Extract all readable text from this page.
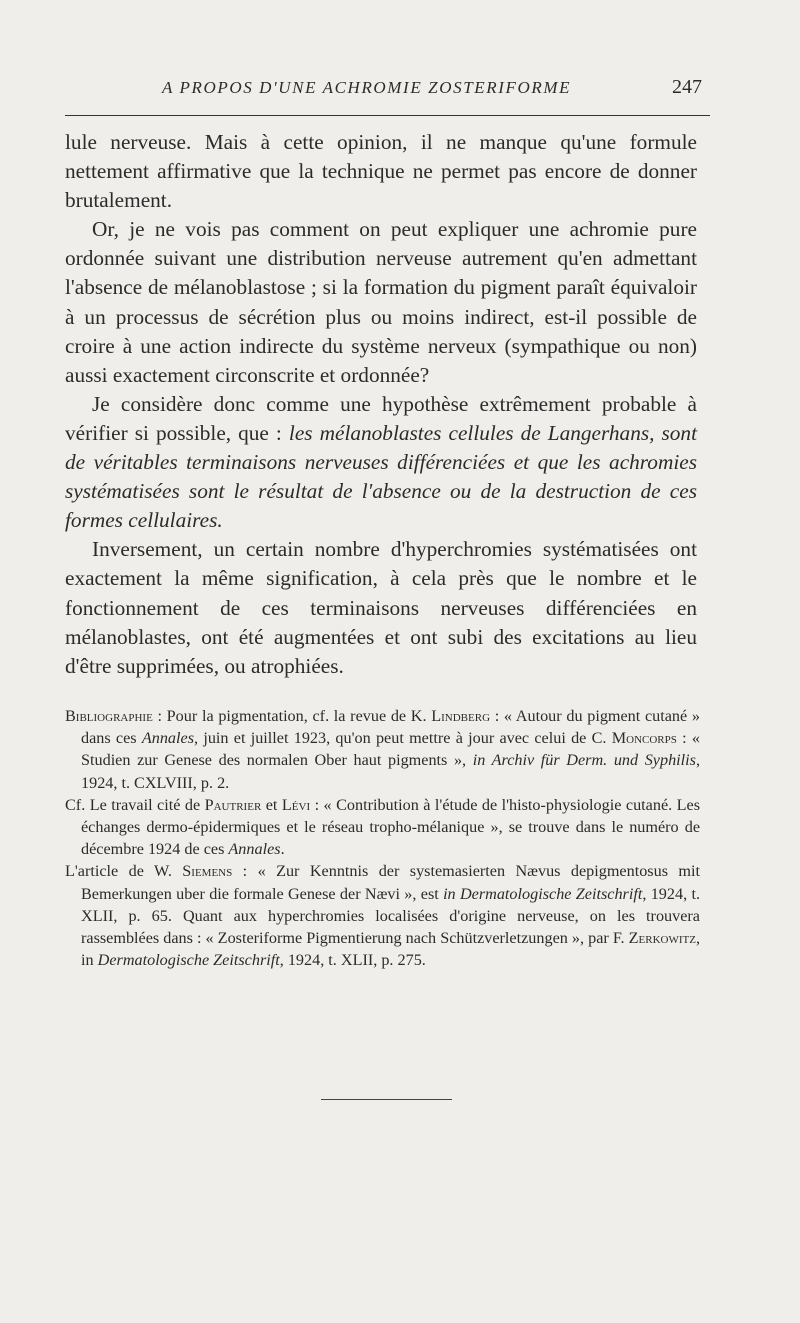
A PROPOS D'UNE ACHROMIE ZOSTERIFORME	247

lule nerveuse. Mais à cette opinion, il ne manque qu'une formule nettement affirmative que la technique ne permet pas encore de donner brutalement.

Or, je ne vois pas comment on peut expliquer une achromie pure ordonnée suivant une distribution nerveuse autrement qu'en admettant l'absence de mélanoblastose ; si la formation du pigment paraît équivaloir à un processus de sécrétion plus ou moins indirect, est-il possible de croire à une action indirecte du système nerveux (sympathique ou non) aussi exactement circonscrite et ordonnée?

Je considère donc comme une hypothèse extrêmement probable à vérifier si possible, que : les mélanoblastes cellules de Langerhans, sont de véritables terminaisons nerveuses différenciées et que les achromies systématisées sont le résultat de l'absence ou de la destruction de ces formes cellulaires.

Inversement, un certain nombre d'hyperchromies systématisées ont exactement la même signification, à cela près que le nombre et le fonctionnement de ces terminaisons nerveuses différenciées en mélanoblastes, ont été augmentées et ont subi des excitations au lieu d'être supprimées, ou atrophiées.

Bibliographie : Pour la pigmentation, cf. la revue de K. Lindberg : « Autour du pigment cutané » dans ces Annales, juin et juillet 1923, qu'on peut mettre à jour avec celui de C. Moncorps : « Studien zur Genese des normalen Ober haut pigments », in Archiv für Derm. und Syphilis, 1924, t. CXLVIII, p. 2.

Cf. Le travail cité de Pautrier et Lévi : « Contribution à l'étude de l'histo-physiologie cutané. Les échanges dermo-épidermiques et le réseau tropho-mélanique », se trouve dans le numéro de décembre 1924 de ces Annales.

L'article de W. Siemens : « Zur Kenntnis der systemasierten Nævus depigmentosus mit Bemerkungen uber die formale Genese der Nævi », est in Dermatologische Zeitschrift, 1924, t. XLII, p. 65. Quant aux hyperchromies localisées d'origine nerveuse, on les trouvera rassemblées dans : « Zosteriforme Pigmentierung nach Schützverletzungen », par F. Zerkowitz, in Dermatologische Zeitschrift, 1924, t. XLII, p. 275.
